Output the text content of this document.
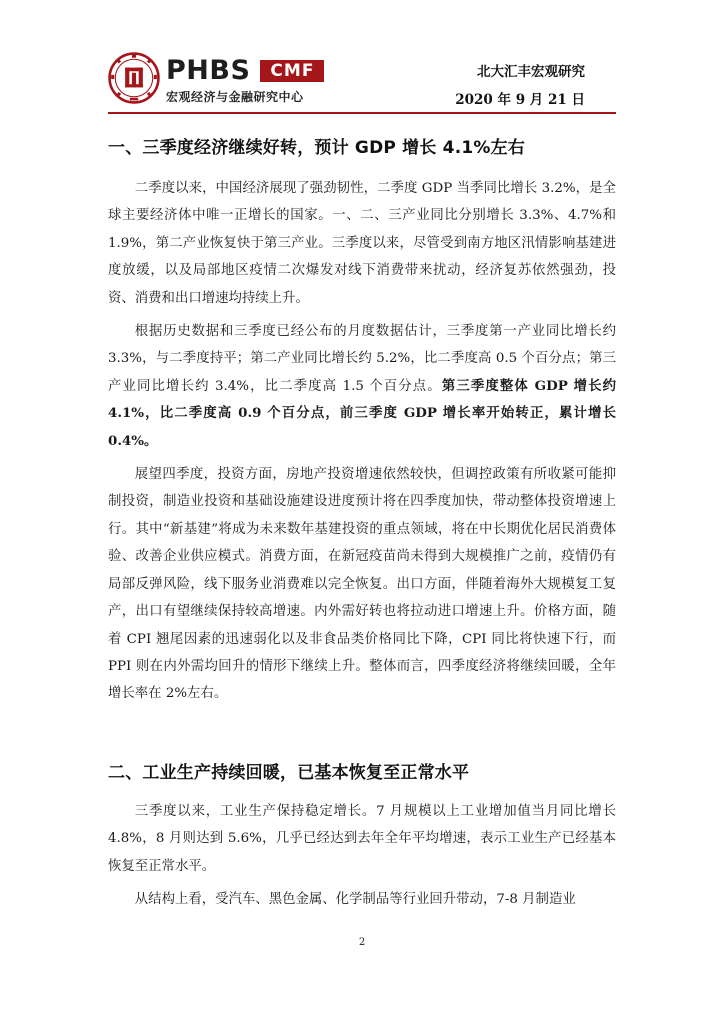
PHBS	CMF
宏观经济与金融研究中心
北大汇丰宏观研究
2020 年 9 月 21 日
一、三季度经济继续好转，预计 GDP 增长 4.1%左右

二季度以来，中国经济展现了强劲韧性，二季度 GDP 当季同比增长 3.2%，是全球主要经济体中唯一正增长的国家。一、二、三产业同比分别增长 3.3%、4.7%和 1.9%，第二产业恢复快于第三产业。三季度以来，尽管受到南方地区汛情影响基建进度放缓，以及局部地区疫情二次爆发对线下消费带来扰动，经济复苏依然强劲，投资、消费和出口增速均持续上升。

根据历史数据和三季度已经公布的月度数据估计，三季度第一产业同比增长约 3.3%，与二季度持平；第二产业同比增长约 5.2%，比二季度高 0.5 个百分点；第三产业同比增长约 3.4%，比二季度高 1.5 个百分点。第三季度整体 GDP 增长约 4.1%，比二季度高 0.9 个百分点，前三季度 GDP 增长率开始转正，累计增长 0.4%。

展望四季度，投资方面，房地产投资增速依然较快，但调控政策有所收紧可能抑制投资，制造业投资和基础设施建设进度预计将在四季度加快，带动整体投资增速上行。其中“新基建”将成为未来数年基建投资的重点领域，将在中长期优化居民消费体验、改善企业供应模式。消费方面，在新冠疫苗尚未得到大规模推广之前，疫情仍有局部反弹风险，线下服务业消费难以完全恢复。出口方面，伴随着海外大规模复工复产，出口有望继续保持较高增速。内外需好转也将拉动进口增速上升。价格方面，随着 CPI 翘尾因素的迅速弱化以及非食品类价格同比下降，CPI 同比将快速下行，而 PPI 则在内外需均回升的情形下继续上升。整体而言，四季度经济将继续回暖，全年增长率在 2%左右。

二、工业生产持续回暖，已基本恢复至正常水平

三季度以来，工业生产保持稳定增长。7 月规模以上工业增加值当月同比增长 4.8%，8 月则达到 5.6%，几乎已经达到去年全年平均增速，表示工业生产已经基本恢复至正常水平。

从结构上看，受汽车、黑色金属、化学制品等行业回升带动，7-8 月制造业

2
